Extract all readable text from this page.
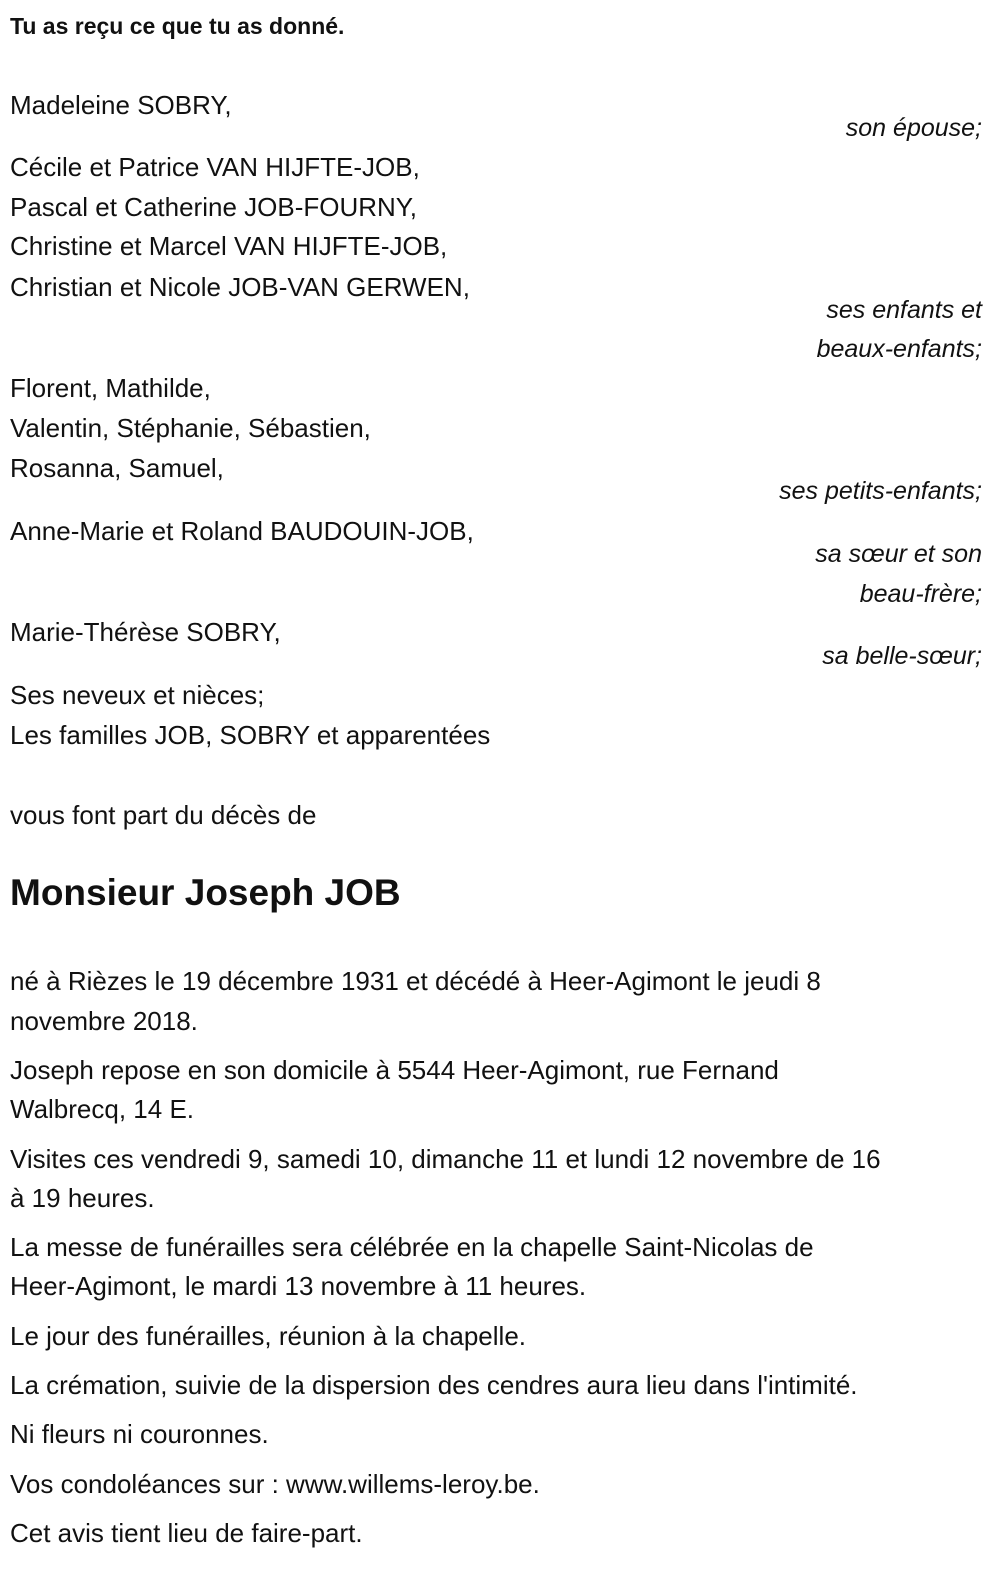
Tu as reçu ce que tu as donné.
Madeleine SOBRY,
son épouse;
Cécile et Patrice VAN HIJFTE-JOB,
Pascal et Catherine JOB-FOURNY,
Christine et Marcel VAN HIJFTE-JOB,
Christian et Nicole JOB-VAN GERWEN,
ses enfants et
beaux-enfants;
Florent, Mathilde,
Valentin, Stéphanie, Sébastien,
Rosanna, Samuel,
ses petits-enfants;
Anne-Marie et Roland BAUDOUIN-JOB,
sa sœur et son
beau-frère;
Marie-Thérèse SOBRY,
sa belle-sœur;
Ses neveux et nièces;
Les familles JOB, SOBRY et apparentées
vous font part du décès de
Monsieur Joseph JOB
né à Rièzes le 19 décembre 1931 et décédé à Heer-Agimont le jeudi 8
novembre 2018.
Joseph repose en son domicile à 5544 Heer-Agimont, rue Fernand
Walbrecq, 14 E.
Visites ces vendredi 9, samedi 10, dimanche 11 et lundi 12 novembre de 16
à 19 heures.
La messe de funérailles sera célébrée en la chapelle Saint-Nicolas de
Heer-Agimont, le mardi 13 novembre à 11 heures.
Le jour des funérailles, réunion à la chapelle.
La crémation, suivie de la dispersion des cendres aura lieu dans l'intimité.
Ni fleurs ni couronnes.
Vos condoléances sur : www.willems-leroy.be.
Cet avis tient lieu de faire-part.
